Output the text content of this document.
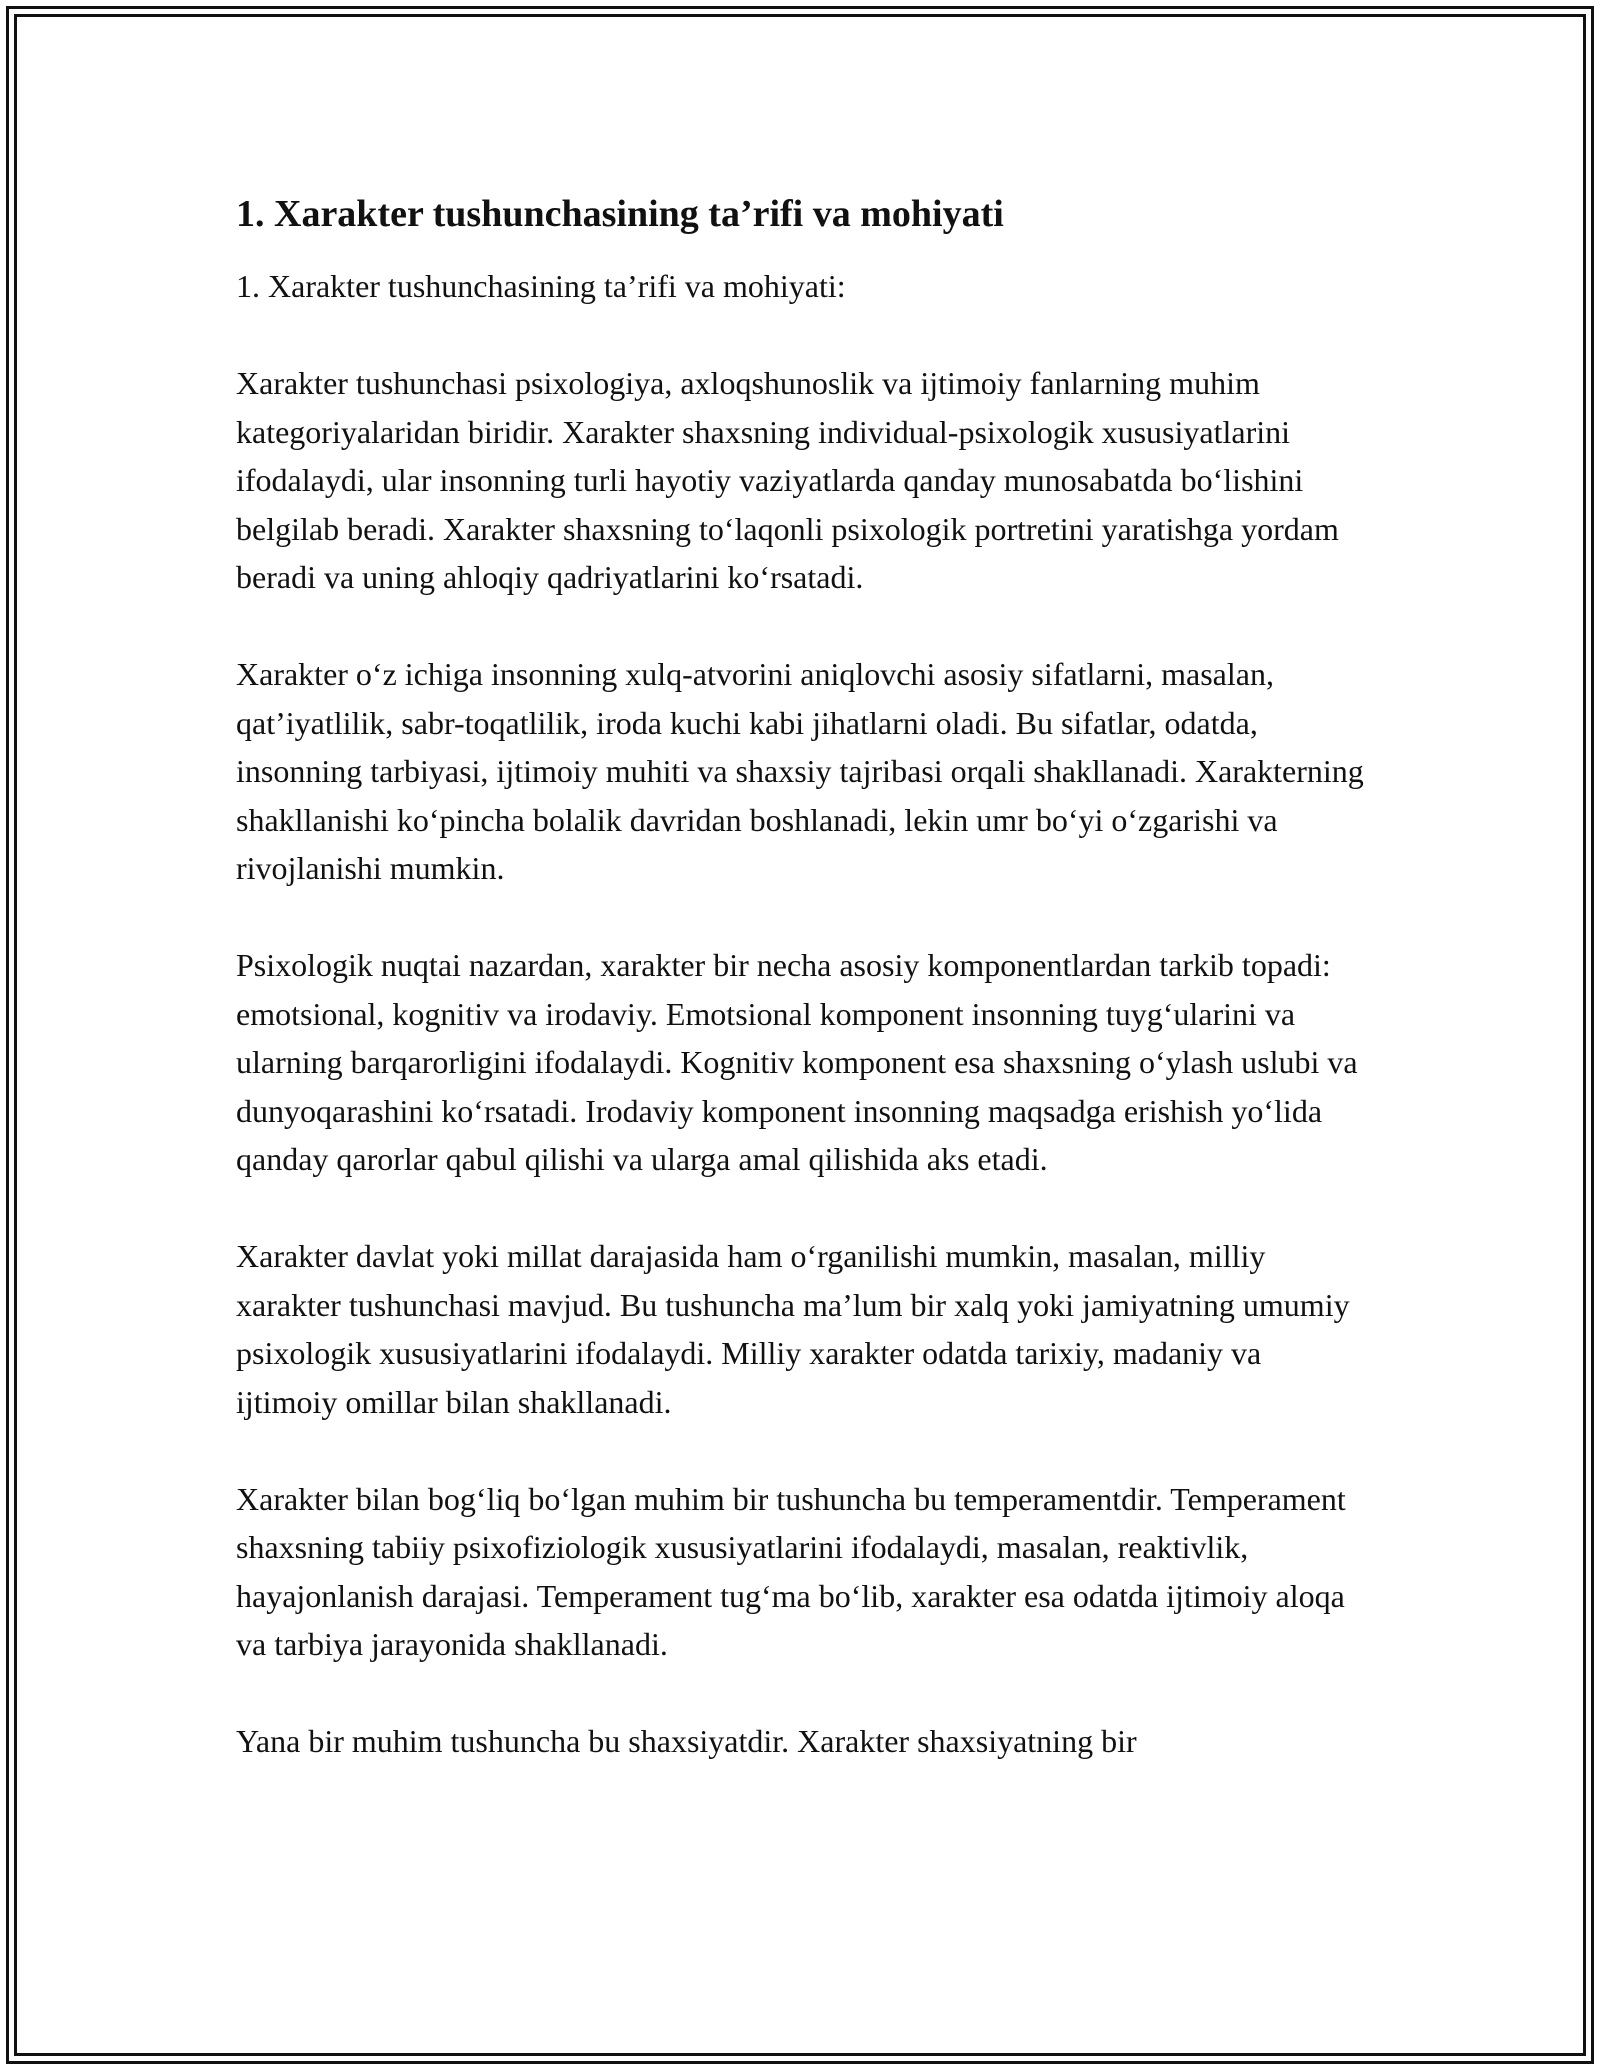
1. Xarakter tushunchasining ta’rifi va mohiyati

1. Xarakter tushunchasining ta’rifi va mohiyati:

Xarakter tushunchasi psixologiya, axloqshunoslik va ijtimoiy fanlarning muhim kategoriyalaridan biridir. Xarakter shaxsning individual-psixologik xususiyatlarini ifodalaydi, ular insonning turli hayotiy vaziyatlarda qanday munosabatda bo‘lishini belgilab beradi. Xarakter shaxsning to‘laqonli psixologik portretini yaratishga yordam beradi va uning ahloqiy qadriyatlarini ko‘rsatadi.

Xarakter o‘z ichiga insonning xulq-atvorini aniqlovchi asosiy sifatlarni, masalan, qat’iyatlilik, sabr-toqatlilik, iroda kuchi kabi jihatlarni oladi. Bu sifatlar, odatda, insonning tarbiyasi, ijtimoiy muhiti va shaxsiy tajribasi orqali shakllanadi. Xarakterning shakllanishi ko‘pincha bolalik davridan boshlanadi, lekin umr bo‘yi o‘zgarishi va rivojlanishi mumkin.

Psixologik nuqtai nazardan, xarakter bir necha asosiy komponentlardan tarkib topadi: emotsional, kognitiv va irodaviy. Emotsional komponent insonning tuyg‘ularini va ularning barqarorligini ifodalaydi. Kognitiv komponent esa shaxsning o‘ylash uslubi va dunyoqarashini ko‘rsatadi. Irodaviy komponent insonning maqsadga erishish yo‘lida qanday qarorlar qabul qilishi va ularga amal qilishida aks etadi.

Xarakter davlat yoki millat darajasida ham o‘rganilishi mumkin, masalan, milliy xarakter tushunchasi mavjud. Bu tushuncha ma’lum bir xalq yoki jamiyatning umumiy psixologik xususiyatlarini ifodalaydi. Milliy xarakter odatda tarixiy, madaniy va ijtimoiy omillar bilan shakllanadi.

Xarakter bilan bog‘liq bo‘lgan muhim bir tushuncha bu temperamentdir. Temperament shaxsning tabiiy psixofiziologik xususiyatlarini ifodalaydi, masalan, reaktivlik, hayajonlanish darajasi. Temperament tug‘ma bo‘lib, xarakter esa odatda ijtimoiy aloqa va tarbiya jarayonida shakllanadi.

Yana bir muhim tushuncha bu shaxsiyatdir. Xarakter shaxsiyatning bir
